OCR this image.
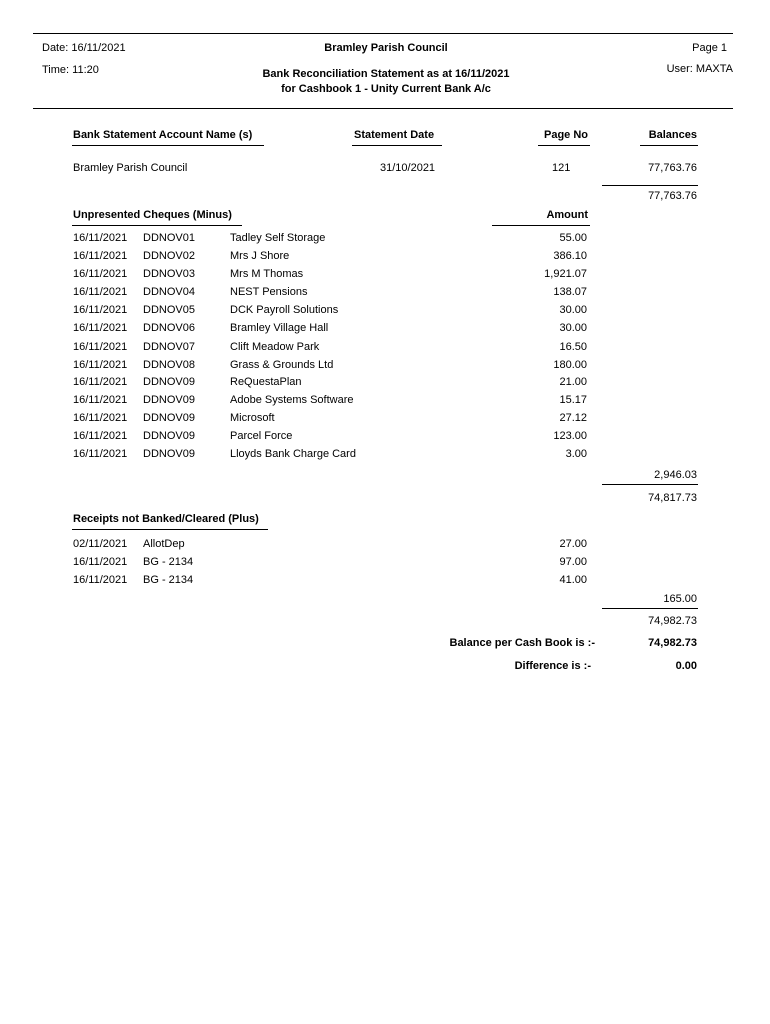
Date: 16/11/2021
Time: 11:20
Bramley Parish Council
Bank Reconciliation Statement as at 16/11/2021
for Cashbook 1 - Unity Current Bank A/c
Page 1
User: MAXTA
Bank Statement Account Name (s)	Statement Date	Page No	Balances
Bramley Parish Council	31/10/2021	121	77,763.76
77,763.76
Unpresented Cheques (Minus)	Amount
16/11/2021 DDNOV01	Tadley Self Storage	55.00
16/11/2021 DDNOV02	Mrs J Shore	386.10
16/11/2021 DDNOV03	Mrs M Thomas	1,921.07
16/11/2021 DDNOV04	NEST Pensions	138.07
16/11/2021 DDNOV05	DCK Payroll Solutions	30.00
16/11/2021 DDNOV06	Bramley Village Hall	30.00
16/11/2021 DDNOV07	Clift Meadow Park	16.50
16/11/2021 DDNOV08	Grass & Grounds Ltd	180.00
16/11/2021 DDNOV09	ReQuestaPlan	21.00
16/11/2021 DDNOV09	Adobe Systems Software	15.17
16/11/2021 DDNOV09	Microsoft	27.12
16/11/2021 DDNOV09	Parcel Force	123.00
16/11/2021 DDNOV09	Lloyds Bank Charge Card	3.00
2,946.03
74,817.73
Receipts not Banked/Cleared (Plus)
02/11/2021 AllotDep	27.00
16/11/2021 BG - 2134	97.00
16/11/2021 BG - 2134	41.00
165.00
74,982.73
Balance per Cash Book is :-	74,982.73
Difference is :-	0.00
